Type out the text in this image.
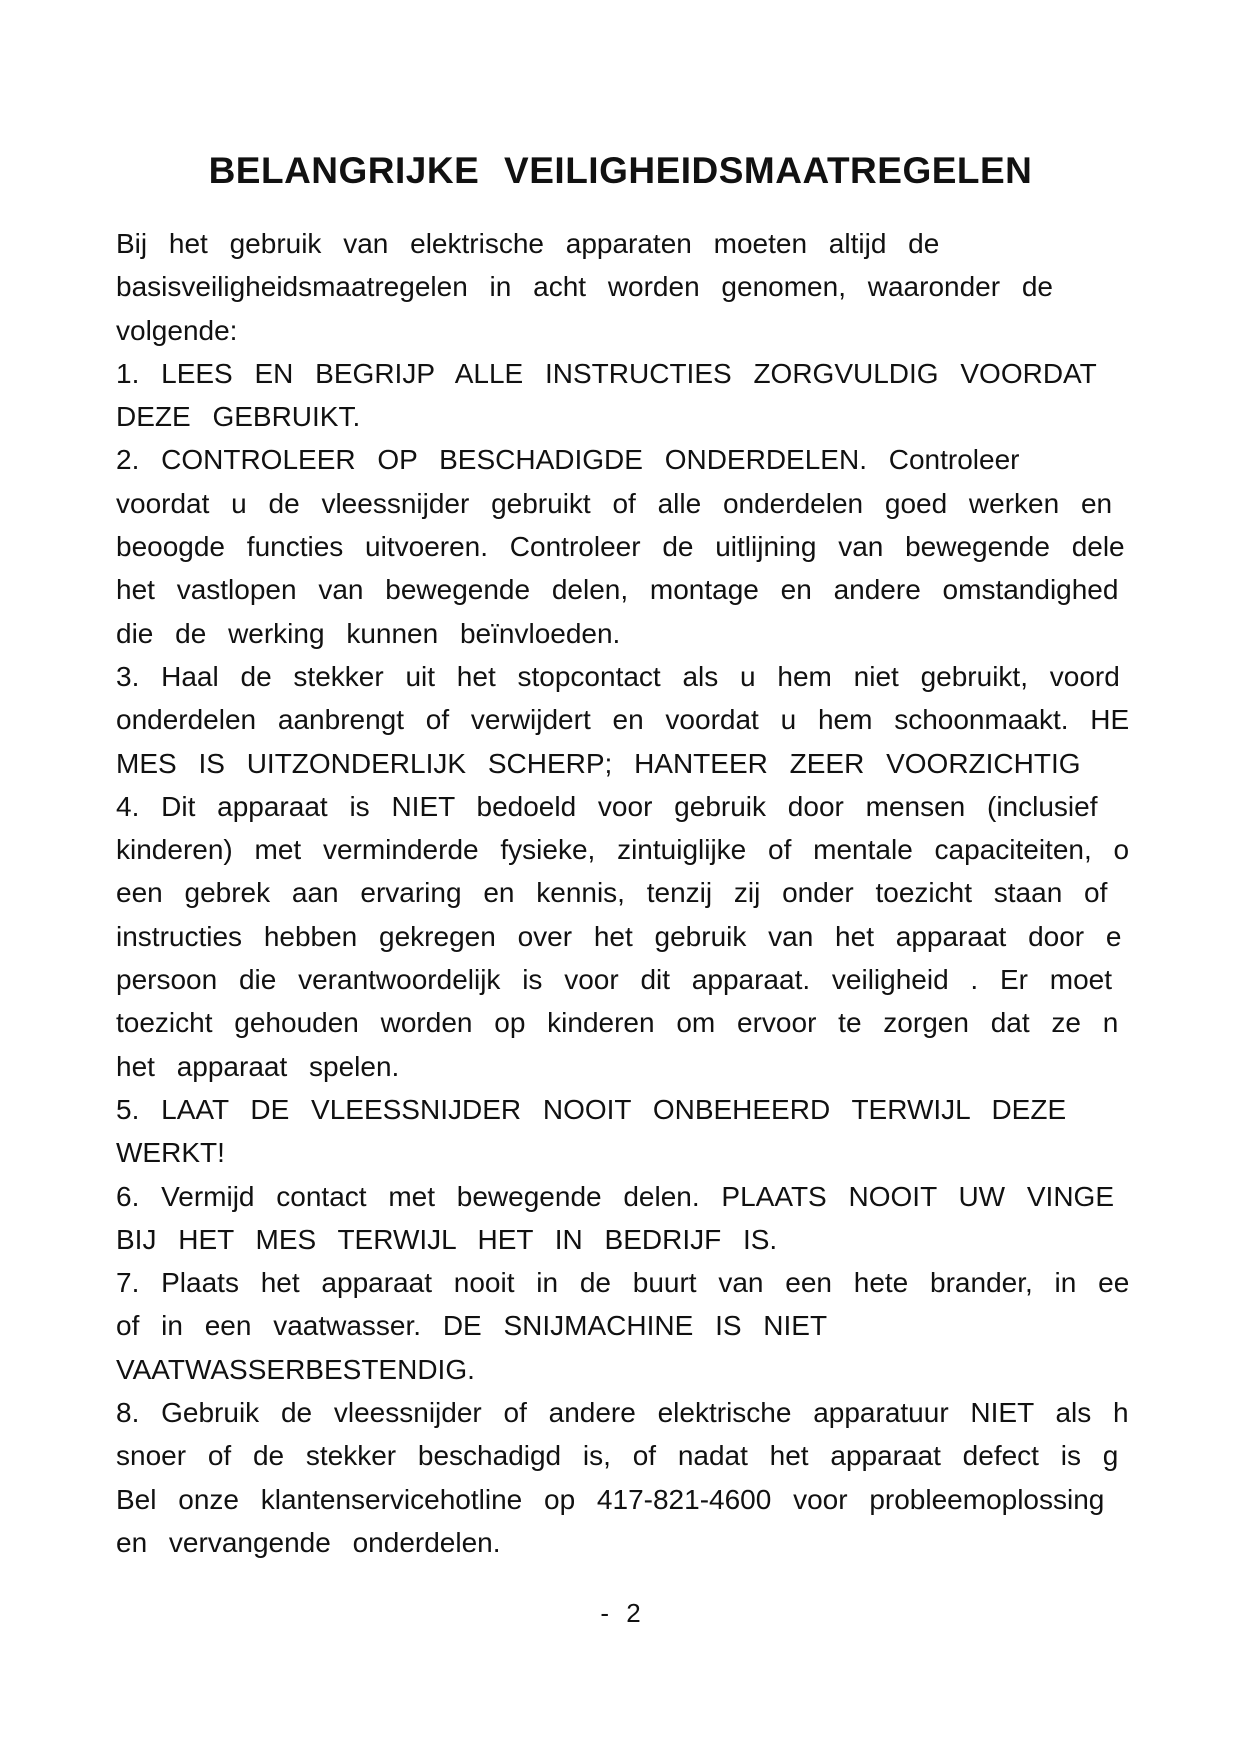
BELANGRIJKE VEILIGHEIDSMAATREGELEN
Bij het gebruik van elektrische apparaten moeten altijd de
basisveiligheidsmaatregelen in acht worden genomen, waaronder de
volgende:
1. LEES EN BEGRIJP ALLE INSTRUCTIES ZORGVULDIG VOORDAT
DEZE GEBRUIKT.
2. CONTROLEER OP BESCHADIGDE ONDERDELEN. Controleer
voordat u de vleessnijder gebruikt of alle onderdelen goed werken en
beoogde functies uitvoeren. Controleer de uitlijning van bewegende dele
het vastlopen van bewegende delen, montage en andere omstandighed
die de werking kunnen beïnvloeden.
3. Haal de stekker uit het stopcontact als u hem niet gebruikt, voord
onderdelen aanbrengt of verwijdert en voordat u hem schoonmaakt. HE
MES IS UITZONDERLIJK SCHERP; HANTEER ZEER VOORZICHTIG
4. Dit apparaat is NIET bedoeld voor gebruik door mensen (inclusief
kinderen) met verminderde fysieke, zintuiglijke of mentale capaciteiten, o
een gebrek aan ervaring en kennis, tenzij zij onder toezicht staan of
instructies hebben gekregen over het gebruik van het apparaat door e
persoon die verantwoordelijk is voor dit apparaat. veiligheid . Er moet
toezicht gehouden worden op kinderen om ervoor te zorgen dat ze n
het apparaat spelen.
5. LAAT DE VLEESSNIJDER NOOIT ONBEHEERD TERWIJL DEZE
WERKT!
6. Vermijd contact met bewegende delen. PLAATS NOOIT UW VINGE
BIJ HET MES TERWIJL HET IN BEDRIJF IS.
7. Plaats het apparaat nooit in de buurt van een hete brander, in ee
of in een vaatwasser. DE SNIJMACHINE IS NIET
VAATWASSERBESTENDIG.
8. Gebruik de vleessnijder of andere elektrische apparatuur NIET als h
snoer of de stekker beschadigd is, of nadat het apparaat defect is g
Bel onze klantenservicehotline op 417-821-4600 voor probleemoplossing
en vervangende onderdelen.
- 2
